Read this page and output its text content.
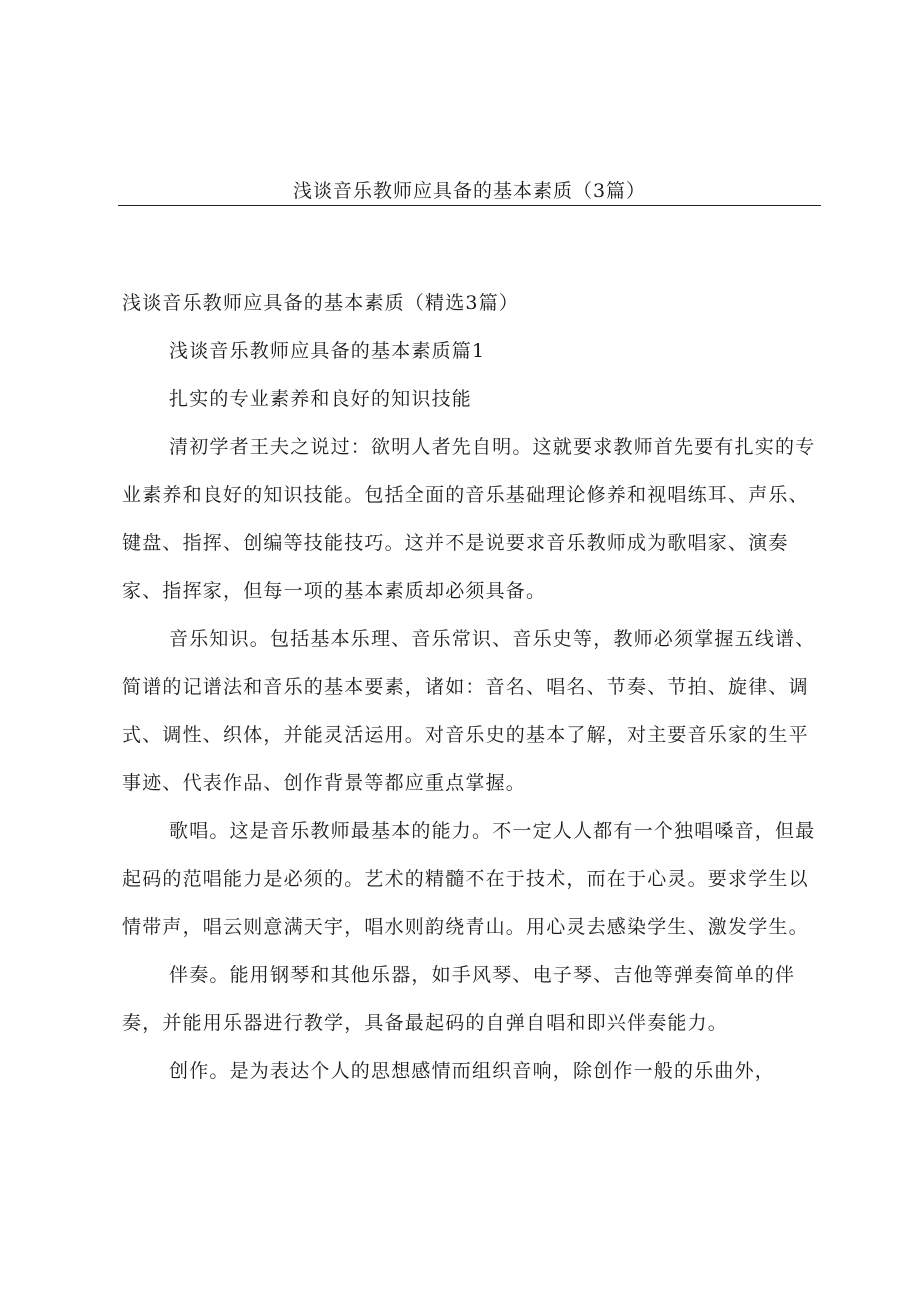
浅谈音乐教师应具备的基本素质（3篇）

浅谈音乐教师应具备的基本素质（精选3篇）

浅谈音乐教师应具备的基本素质篇1

扎实的专业素养和良好的知识技能

清初学者王夫之说过：欲明人者先自明。这就要求教师首先要有扎实的专业素养和良好的知识技能。包括全面的音乐基础理论修养和视唱练耳、声乐、键盘、指挥、创编等技能技巧。这并不是说要求音乐教师成为歌唱家、演奏家、指挥家，但每一项的基本素质却必须具备。

音乐知识。包括基本乐理、音乐常识、音乐史等，教师必须掌握五线谱、简谱的记谱法和音乐的基本要素，诸如：音名、唱名、节奏、节拍、旋律、调式、调性、织体，并能灵活运用。对音乐史的基本了解，对主要音乐家的生平事迹、代表作品、创作背景等都应重点掌握。

歌唱。这是音乐教师最基本的能力。不一定人人都有一个独唱嗓音，但最起码的范唱能力是必须的。艺术的精髓不在于技术，而在于心灵。要求学生以情带声，唱云则意满天宇，唱水则韵绕青山。用心灵去感染学生、激发学生。

伴奏。能用钢琴和其他乐器，如手风琴、电子琴、吉他等弹奏简单的伴奏，并能用乐器进行教学，具备最起码的自弹自唱和即兴伴奏能力。

创作。是为表达个人的思想感情而组织音响，除创作一般的乐曲外，
